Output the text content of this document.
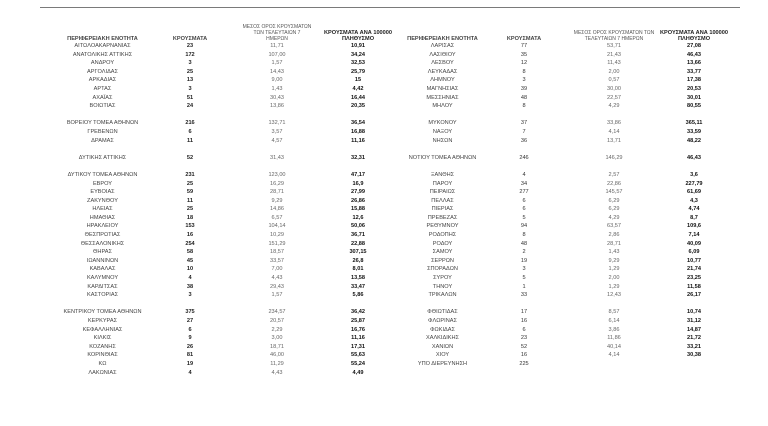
ΠΕΡΙΦΕΡΕΙΑΚΗ ΕΝΟΤΗΤΑ	ΚΡΟΥΣΜΑΤΑ
ΜΕΣΟΣ ΟΡΟΣ ΚΡΟΥΣΜΑΤΩΝ ΤΩΝ ΤΕΛΕΥΤΑΙΩΝ 7 ΗΜΕΡΩΝ
ΚΡΟΥΣΜΑΤΑ ΑΝΑ 100000 ΠΛΗΘΥΣΜΟ
ΑΙΤΩΛΟΑΚΑΡΝΑΝΙΑΣ	23	11,71	10,91
ΑΝΑΤΟΛΙΚΗΣ ΑΤΤΙΚΗΣ	172	107,00	34,24
ΑΝΔΡΟΥ	3	1,57	32,53
ΑΡΓΟΛΙΔΑΣ	25	14,43	25,79
ΑΡΚΑΔΙΑΣ	13	9,00	15
ΑΡΤΑΣ	3	1,43	4,42
ΑΧΑΪΑΣ	51	30,43	16,44
ΒΟΙΩΤΙΑΣ	24	13,86	20,35
ΒΟΡΕΙΟΥ ΤΟΜΕΑ ΑΘΗΝΩΝ	216	132,71	36,54
ΓΡΕΒΕΝΩΝ	6	3,57	16,88
ΔΡΑΜΑΣ	11	4,57	11,16
ΔΥΤΙΚΗΣ ΑΤΤΙΚΗΣ	52	31,43	32,31
ΔΥΤΙΚΟΥ ΤΟΜΕΑ ΑΘΗΝΩΝ	231	123,00	47,17
ΕΒΡΟΥ	25	16,29	16,9
ΕΥΒΟΙΑΣ	59	28,71	27,99
ΖΑΚΥΝΘΟΥ	11	9,29	26,86
ΗΛΕΙΑΣ	25	14,86	15,88
ΗΜΑΘΙΑΣ	18	6,57	12,6
ΗΡΑΚΛΕΙΟΥ	153	104,14	50,06
ΘΕΣΠΡΩΤΙΑΣ	16	10,29	36,71
ΘΕΣΣΑΛΟΝΙΚΗΣ	254	151,29	22,88
ΘΗΡΑΣ	58	18,57	307,15
ΙΩΑΝΝΙΝΩΝ	45	33,57	26,8
ΚΑΒΑΛΑΣ	10	7,00	8,01
ΚΑΛΥΜΝΟΥ	4	4,43	13,58
ΚΑΡΔΙΤΣΑΣ	38	29,43	33,47
ΚΑΣΤΟΡΙΑΣ	3	1,57	5,86
ΚΕΝΤΡΙΚΟΥ ΤΟΜΕΑ ΑΘΗΝΩΝ	375	234,57	36,42
ΚΕΡΚΥΡΑΣ	27	20,57	25,87
ΚΕΦΑΛΛΗΝΙΑΣ	6	2,29	16,76
ΚΙΛΚΙΣ	9	3,00	11,16
ΚΟΖΑΝΗΣ	26	18,71	17,31
ΚΟΡΙΝΘΙΑΣ	81	46,00	55,63
ΚΩ	19	11,29	55,24
ΛΑΚΩΝΙΑΣ	4	4,43	4,49
ΠΕΡΙΦΕΡΕΙΑΚΗ ΕΝΟΤΗΤΑ	ΚΡΟΥΣΜΑΤΑ
ΜΕΣΟΣ ΟΡΟΣ ΚΡΟΥΣΜΑΤΩΝ ΤΩΝ ΤΕΛΕΥΤΑΙΩΝ 7 ΗΜΕΡΩΝ
ΚΡΟΥΣΜΑΤΑ ΑΝΑ 100000 ΠΛΗΘΥΣΜΟ
ΛΑΡΙΣΑΣ	77	53,71	27,08
ΛΑΣΙΘΙΟΥ	35	21,43	46,43
ΛΕΣΒΟΥ	12	11,43	13,66
ΛΕΥΚΑΔΑΣ	8	2,00	33,77
ΛΗΜΝΟΥ	3	0,57	17,38
ΜΑΓΝΗΣΙΑΣ	39	30,00	20,53
ΜΕΣΣΗΝΙΑΣ	48	22,57	30,01
ΜΗΛΟΥ	8	4,29	80,55
ΜΥΚΟΝΟΥ	37	33,86	365,11
ΝΑΞΟΥ	7	4,14	33,59
ΝΗΣΩΝ	36	13,71	48,22
ΝΟΤΙΟΥ ΤΟΜΕΑ ΑΘΗΝΩΝ	246	146,29	46,43
ΞΑΝΘΗΣ	4	2,57	3,6
ΠΑΡΟΥ	34	22,86	227,79
ΠΕΙΡΑΙΩΣ	277	145,57	61,69
ΠΕΛΛΑΣ	6	6,29	4,3
ΠΙΕΡΙΑΣ	6	6,29	4,74
ΠΡΕΒΕΖΑΣ	5	4,29	8,7
ΡΕΘΥΜΝΟΥ	94	63,57	109,6
ΡΟΔΟΠΗΣ	8	2,86	7,14
ΡΟΔΟΥ	48	28,71	40,09
ΣΑΜΟΥ	2	1,43	6,09
ΣΕΡΡΩΝ	19	9,29	10,77
ΣΠΟΡΑΔΩΝ	3	1,29	21,74
ΣΥΡΟΥ	5	2,00	23,25
ΤΗΝΟΥ	1	1,29	11,58
ΤΡΙΚΑΛΩΝ	33	12,43	26,17
ΦΘΙΩΤΙΔΑΣ	17	8,57	10,74
ΦΛΩΡΙΝΑΣ	16	6,14	31,12
ΦΩΚΙΔΑΣ	6	3,86	14,87
ΧΑΛΚΙΔΙΚΗΣ	23	11,86	21,72
ΧΑΝΙΩΝ	52	40,14	33,21
ΧΙΟΥ	16	4,14	30,38
ΥΠΟ ΔΙΕΡΕΥΝΗΣΗ	225
